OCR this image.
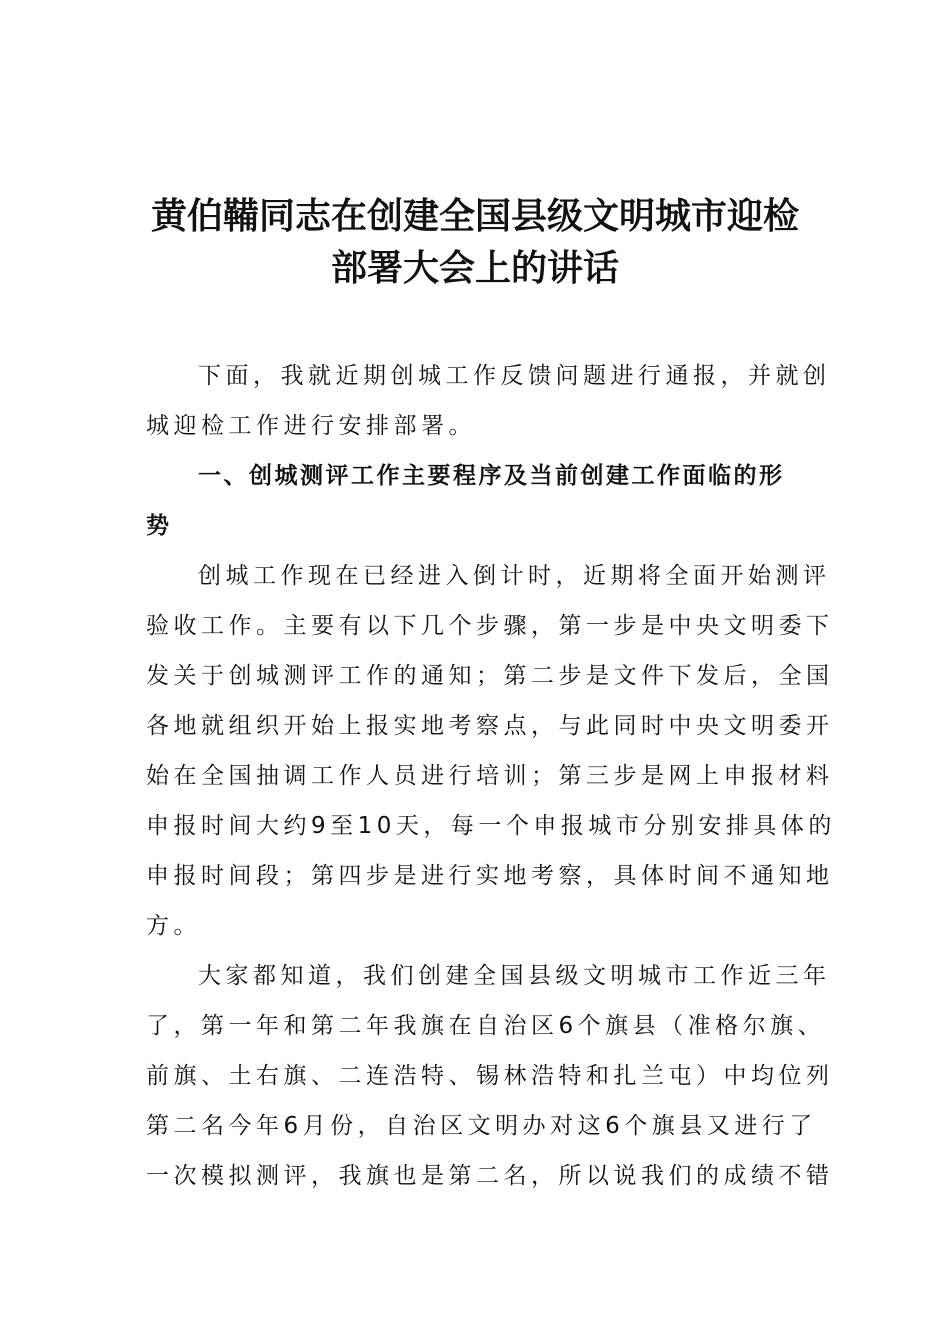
黄伯鞴同志在创建全国县级文明城市迎检
部署大会上的讲话
下面，我就近期创城工作反馈问题进行通报，并就创
城迎检工作进行安排部署。
一、创城测评工作主要程序及当前创建工作面临的形
势
创城工作现在已经进入倒计时，近期将全面开始测评
验收工作。主要有以下几个步骤，第一步是中央文明委下
发关于创城测评工作的通知；第二步是文件下发后，全国
各地就组织开始上报实地考察点，与此同时中央文明委开
始在全国抽调工作人员进行培训；第三步是网上申报材料
申报时间大约9至10天，每一个申报城市分别安排具体的
申报时间段；第四步是进行实地考察，具体时间不通知地
方。
大家都知道，我们创建全国县级文明城市工作近三年
了，第一年和第二年我旗在自治区6个旗县（准格尔旗、
前旗、土右旗、二连浩特、锡林浩特和扎兰屯）中均位列
第二名今年6月份，自治区文明办对这6个旗县又进行了
一次模拟测评，我旗也是第二名，所以说我们的成绩不错
